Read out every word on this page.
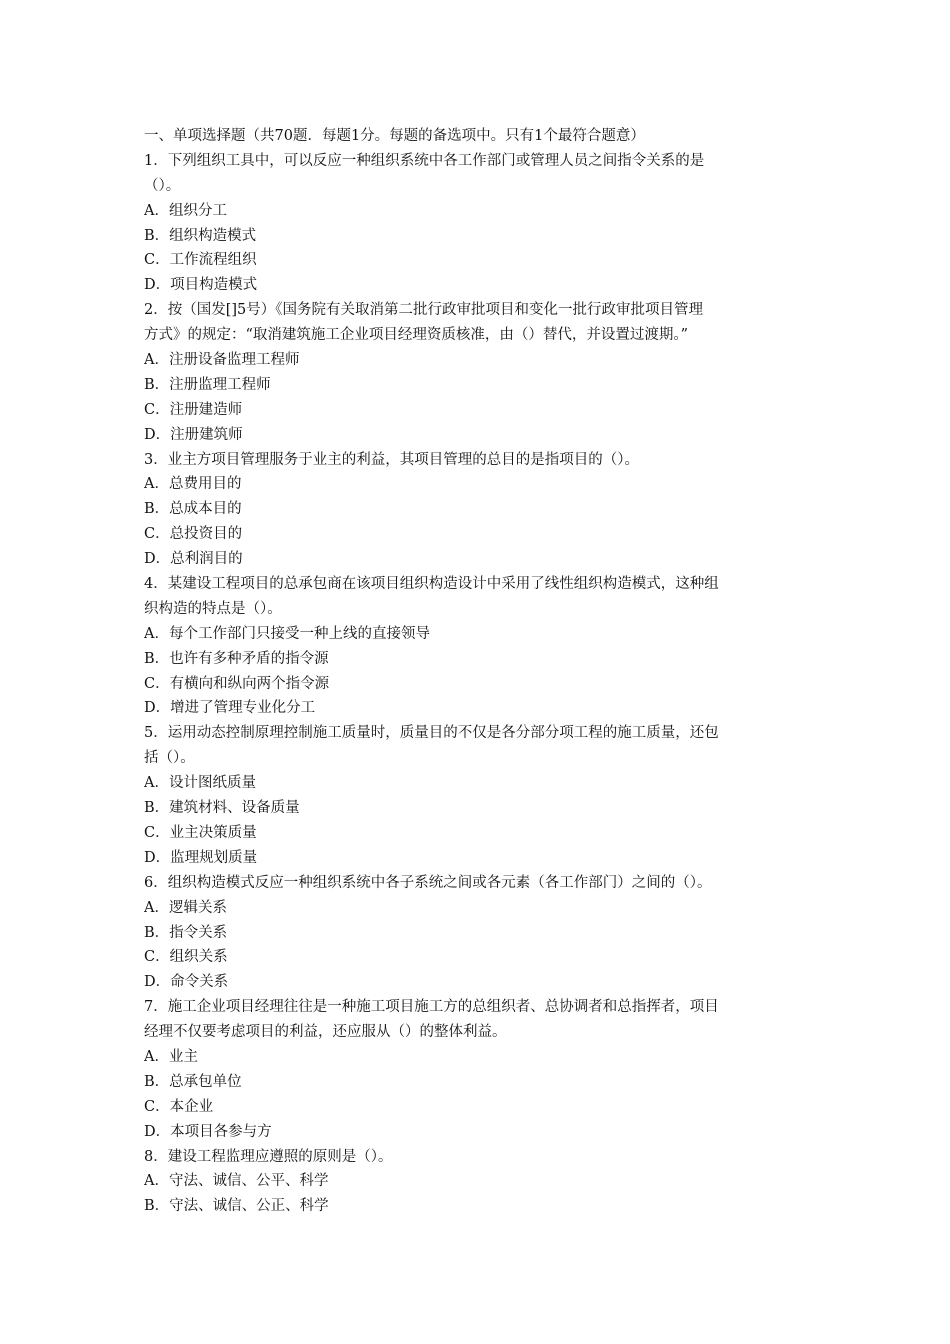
一、单项选择题（共70题．每题1分。每题的备选项中。只有1个最符合题意）
1．下列组织工具中，可以反应一种组织系统中各工作部门或管理人员之间指令关系的是
（）。
A．组织分工
B．组织构造模式
C．工作流程组织
D．项目构造模式
2．按（国发[]5号）《国务院有关取消第二批行政审批项目和变化一批行政审批项目管理
方式》的规定：“取消建筑施工企业项目经理资质核准，由（）替代，并设置过渡期。”
A．注册设备监理工程师
B．注册监理工程师
C．注册建造师
D．注册建筑师
3．业主方项目管理服务于业主的利益，其项目管理的总目的是指项目的（）。
A．总费用目的
B．总成本目的
C．总投资目的
D．总利润目的
4．某建设工程项目的总承包商在该项目组织构造设计中采用了线性组织构造模式，这种组
织构造的特点是（）。
A．每个工作部门只接受一种上线的直接领导
B．也许有多种矛盾的指令源
C．有横向和纵向两个指令源
D．增进了管理专业化分工
5．运用动态控制原理控制施工质量时，质量目的不仅是各分部分项工程的施工质量，还包
括（）。
A．设计图纸质量
B．建筑材料、设备质量
C．业主决策质量
D．监理规划质量
6．组织构造模式反应一种组织系统中各子系统之间或各元素（各工作部门）之间的（）。
A．逻辑关系
B．指令关系
C．组织关系
D．命令关系
7．施工企业项目经理往往是一种施工项目施工方的总组织者、总协调者和总指挥者，项目
经理不仅要考虑项目的利益，还应服从（）的整体利益。
A．业主
B．总承包单位
C．本企业
D．本项目各参与方
8．建设工程监理应遵照的原则是（）。
A．守法、诚信、公平、科学
B．守法、诚信、公正、科学
